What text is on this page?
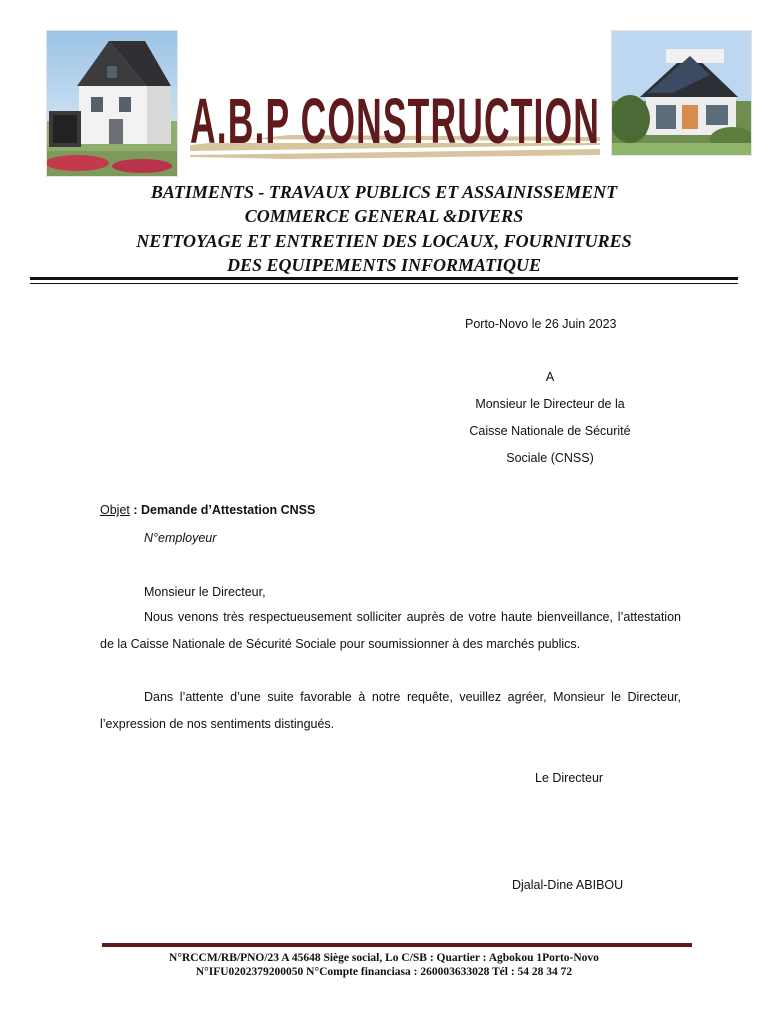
A.B.P CONSTRUCTION
BATIMENTS - TRAVAUX PUBLICS ET ASSAINISSEMENT
COMMERCE GENERAL &DIVERS
NETTOYAGE ET ENTRETIEN DES LOCAUX, FOURNITURES
DES EQUIPEMENTS INFORMATIQUE
Porto-Novo le 26 Juin 2023
A
Monsieur le Directeur de la
Caisse Nationale de Sécurité
Sociale (CNSS)
Objet : Demande d’Attestation CNSS
N°employeur
Monsieur le Directeur,
Nous venons très respectueusement solliciter auprès de votre haute bienveillance, l’attestation de la Caisse Nationale de Sécurité Sociale pour soumissionner à des marchés publics.
Dans l’attente d’une suite favorable à notre requête, veuillez agréer, Monsieur le Directeur, l’expression de nos sentiments distingués.
Le Directeur
Djalal-Dine ABIBOU
N°RCCM/RB/PNO/23 A 45648 Siège social, Lo C/SB : Quartier : Agbokou 1Porto-Novo
N°IFU0202379200050 N°Compte financiasa : 260003633028 Tél : 54 28 34 72
